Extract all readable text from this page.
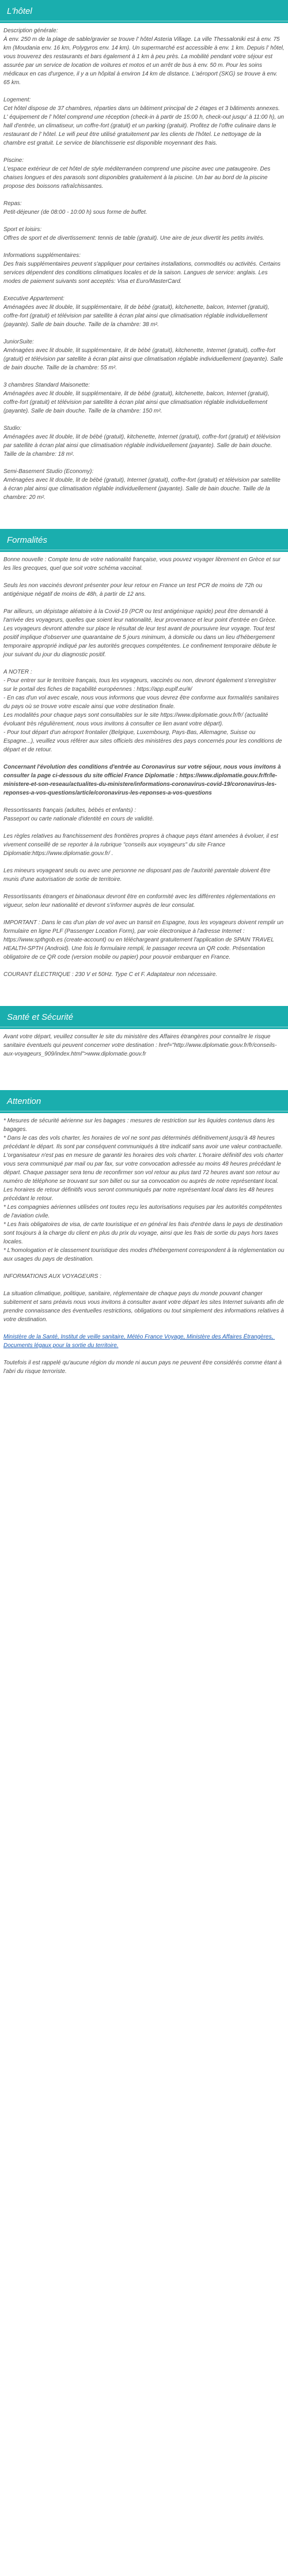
L'hôtel

Description générale:
À env. 250 m de la plage de sable/gravier se trouve l' hôtel Asteria Village. La ville Thessaloniki est à env. 75 km (Moudania env. 16 km, Polygyros env. 14 km). Un supermarché est accessible à env. 1 km. Depuis l' hôtel, vous trouverez des restaurants et bars également à 1 km à peu près. La mobilité pendant votre séjour est assurée par un service de location de voitures et motos et un arrêt de bus à env. 50 m. Pour les soins médicaux en cas d'urgence, il y a un hôpital à environ 14 km de distance. L'aéroport (SKG) se trouve à env. 65 km.

Logement:
Cet hôtel dispose de 37 chambres, réparties dans un bâtiment principal de 2 étages et 3 bâtiments annexes. L' équipement de l' hôtel comprend une réception (check-in à partir de 15:00 h, check-out jusqu' à 11:00 h), un hall d'entrée, un climatiseur, un coffre-fort (gratuit) et un parking (gratuit). Profitez de l'offre culinaire dans le restaurant de l' hôtel. Le wifi peut être utilisé gratuitement par les clients de l'hôtel. Le nettoyage de la chambre est gratuit. Le service de blanchisserie est disponible moyennant des frais.

Piscine:
L'espace extérieur de cet hôtel de style méditerranéen comprend une piscine avec une pataugeoire. Des chaises longues et des parasols sont disponibles gratuitement à la piscine. Un bar au bord de la piscine propose des boissons rafraîchissantes.

Repas:
Petit-déjeuner (de 08:00 - 10:00 h) sous forme de buffet.

Sport et loisirs:
Offres de sport et de divertissement: tennis de table (gratuit). Une aire de jeux divertit les petits invités.

Informations supplémentaires:
Des frais supplémentaires peuvent s'appliquer pour certaines installations, commodités ou activités. Certains services dépendent des conditions climatiques locales et de la saison. Langues de service: anglais. Les modes de paiement suivants sont acceptés: Visa et Euro/MasterCard.

Executive Appartement:
Aménagées avec lit double, lit supplémentaire, lit de bébé (gratuit), kitchenette, balcon, Internet (gratuit), coffre-fort (gratuit) et télévision par satellite à écran plat ainsi que climatisation réglable individuellement (payante). Salle de bain douche. Taille de la chambre: 38 m².

JuniorSuite:
Aménagées avec lit double, lit supplémentaire, lit de bébé (gratuit), kitchenette, Internet (gratuit), coffre-fort (gratuit) et télévision par satellite à écran plat ainsi que climatisation réglable individuellement (payante). Salle de bain douche. Taille de la chambre: 55 m².

3 chambres Standard Maisonette:
Aménagées avec lit double, lit supplémentaire, lit de bébé (gratuit), kitchenette, balcon, Internet (gratuit), coffre-fort (gratuit) et télévision par satellite à écran plat ainsi que climatisation réglable individuellement (payante). Salle de bain douche. Taille de la chambre: 150 m².

Studio:
Aménagées avec lit double, lit de bébé (gratuit), kitchenette, Internet (gratuit), coffre-fort (gratuit) et télévision par satellite à écran plat ainsi que climatisation réglable individuellement (payante). Salle de bain douche. Taille de la chambre: 18 m².

Semi-Basement Studio (Economy):
Aménagées avec lit double, lit de bébé (gratuit), Internet (gratuit), coffre-fort (gratuit) et télévision par satellite à écran plat ainsi que climatisation réglable individuellement (payante). Salle de bain douche. Taille de la chambre: 20 m².

Formalités

Bonne nouvelle : Compte tenu de votre nationalité française, vous pouvez voyager librement en Grèce et sur les îles grecques, quel que soit votre schéma vaccinal.

Seuls les non vaccinés devront présenter pour leur retour en France un test PCR de moins de 72h ou antigénique négatif de moins de 48h, à partir de 12 ans.

Par ailleurs, un dépistage aléatoire à la Covid-19 (PCR ou test antigénique rapide) peut être demandé à l'arrivée des voyageurs, quelles que soient leur nationalité, leur provenance et leur point d'entrée en Grèce. Les voyageurs devront attendre sur place le résultat de leur test avant de poursuivre leur voyage. Tout test positif implique d'observer une quarantaine de 5 jours minimum, à domicile ou dans un lieu d'hébergement temporaire approprié indiqué par les autorités grecques compétentes. Le confinement temporaire débute le jour suivant du jour du diagnostic positif.

A NOTER :
- Pour entrer sur le territoire français, tous les voyageurs, vaccinés ou non, devront également s'enregistrer sur le portail des fiches de traçabilité européennes : https://app.euplf.eu/#/
- En cas d'un vol avec escale, nous vous informons que vous devrez être conforme aux formalités sanitaires du pays où se trouve votre escale ainsi que votre destination finale.
Les modalités pour chaque pays sont consultables sur le site https://www.diplomatie.gouv.fr/fr/ (actualité évoluant très régulièrement, nous vous invitons à consulter ce lien avant votre départ).
- Pour tout départ d'un aéroport frontalier (Belgique, Luxembourg, Pays-Bas, Allemagne, Suisse ou Espagne...), veuillez vous référer aux sites officiels des ministères des pays concernés pour les conditions de départ et de retour.

Concernant l'évolution des conditions d'entrée au Coronavirus sur votre séjour, nous vous invitons à consulter la page ci-dessous du site officiel France Diplomatie : https://www.diplomatie.gouv.fr/fr/le-ministere-et-son-reseau/actualites-du-ministere/informations-coronavirus-covid-19/coronavirus-les-reponses-a-vos-questions/article/coronavirus-les-reponses-a-vos-questions

Ressortissants français (adultes, bébés et enfants) :
Passeport ou carte nationale d'identité en cours de validité.

Les règles relatives au franchissement des frontières propres à chaque pays étant amenées à évoluer, il est vivement conseillé de se reporter à la rubrique "conseils aux voyageurs" du site France Diplomatie:https://www.diplomatie.gouv.fr/ .

Les mineurs voyageant seuls ou avec une personne ne disposant pas de l'autorité parentale doivent être munis d'une autorisation de sortie de territoire.

Ressortissants étrangers et binationaux devront être en conformité avec les différentes réglementations en vigueur, selon leur nationalité et devront s'informer auprès de leur consulat.

IMPORTANT : Dans le cas d'un plan de vol avec un transit en Espagne, tous les voyageurs doivent remplir un formulaire en ligne PLF (Passenger Location Form), par voie électronique à l'adresse Internet : https://www.spthgob.es (create-account) ou en téléchargeant gratuitement l'application de SPAIN TRAVEL HEALTH-SPTH (Android). Une fois le formulaire rempli, le passager recevra un QR code. Présentation obligatoire de ce QR code (version mobile ou papier) pour pouvoir embarquer en France.

COURANT ÉLECTRIQUE : 230 V et 50Hz. Type C et F. Adaptateur non nécessaire.

Santé et Sécurité

Avant votre départ, veuillez consulter le site du ministère des Affaires étrangères pour connaître le risque sanitaire éventuels qui peuvent concerner votre destination : href="http://www.diplomatie.gouv.fr/fr/conseils-aux-voyageurs_909/index.html">www.diplomatie.gouv.fr

Attention

* Mesures de sécurité aérienne sur les bagages : mesures de restriction sur les liquides contenus dans les bagages.
* Dans le cas des vols charter, les horaires de vol ne sont pas déterminés définitivement jusqu'à 48 heures précédant le départ. Ils sont par conséquent communiqués à titre indicatif sans avoir une valeur contractuelle. L'organisateur n'est pas en mesure de garantir les horaires des vols charter. L'horaire définitif des vols charter vous sera communiqué par mail ou par fax, sur votre convocation adressée au moins 48 heures précédant le départ. Chaque passager sera tenu de reconfirmer son vol retour au plus tard 72 heures avant son retour au numéro de téléphone se trouvant sur son billet ou sur sa convocation ou auprès de notre représentant local. Les horaires de retour définitifs vous seront communiqués par notre représentant local dans les 48 heures précédant le retour.
* Les compagnies aériennes utilisées ont toutes reçu les autorisations requises par les autorités compétentes de l'aviation civile.
* Les frais obligatoires de visa, de carte touristique et en général les frais d'entrée dans le pays de destination sont toujours à la charge du client en plus du prix du voyage, ainsi que les frais de sortie du pays hors taxes locales.
* L'homologation et le classement touristique des modes d'hébergement correspondent à la réglementation ou aux usages du pays de destination.

INFORMATIONS AUX VOYAGEURS :

La situation climatique, politique, sanitaire, réglementaire de chaque pays du monde pouvant changer subitement et sans préavis nous vous invitons à consulter avant votre départ les sites Internet suivants afin de prendre connaissance des éventuelles restrictions, obligations ou tout simplement des informations relatives à votre destination.

Ministère de la Santé, Institut de veille sanitaire, Météo France Voyage, Ministère des Affaires Étrangères, Documents légaux pour la sortie du territoire.

Toutefois il est rappelé qu'aucune région du monde ni aucun pays ne peuvent être considérés comme étant à l'abri du risque terroriste.
